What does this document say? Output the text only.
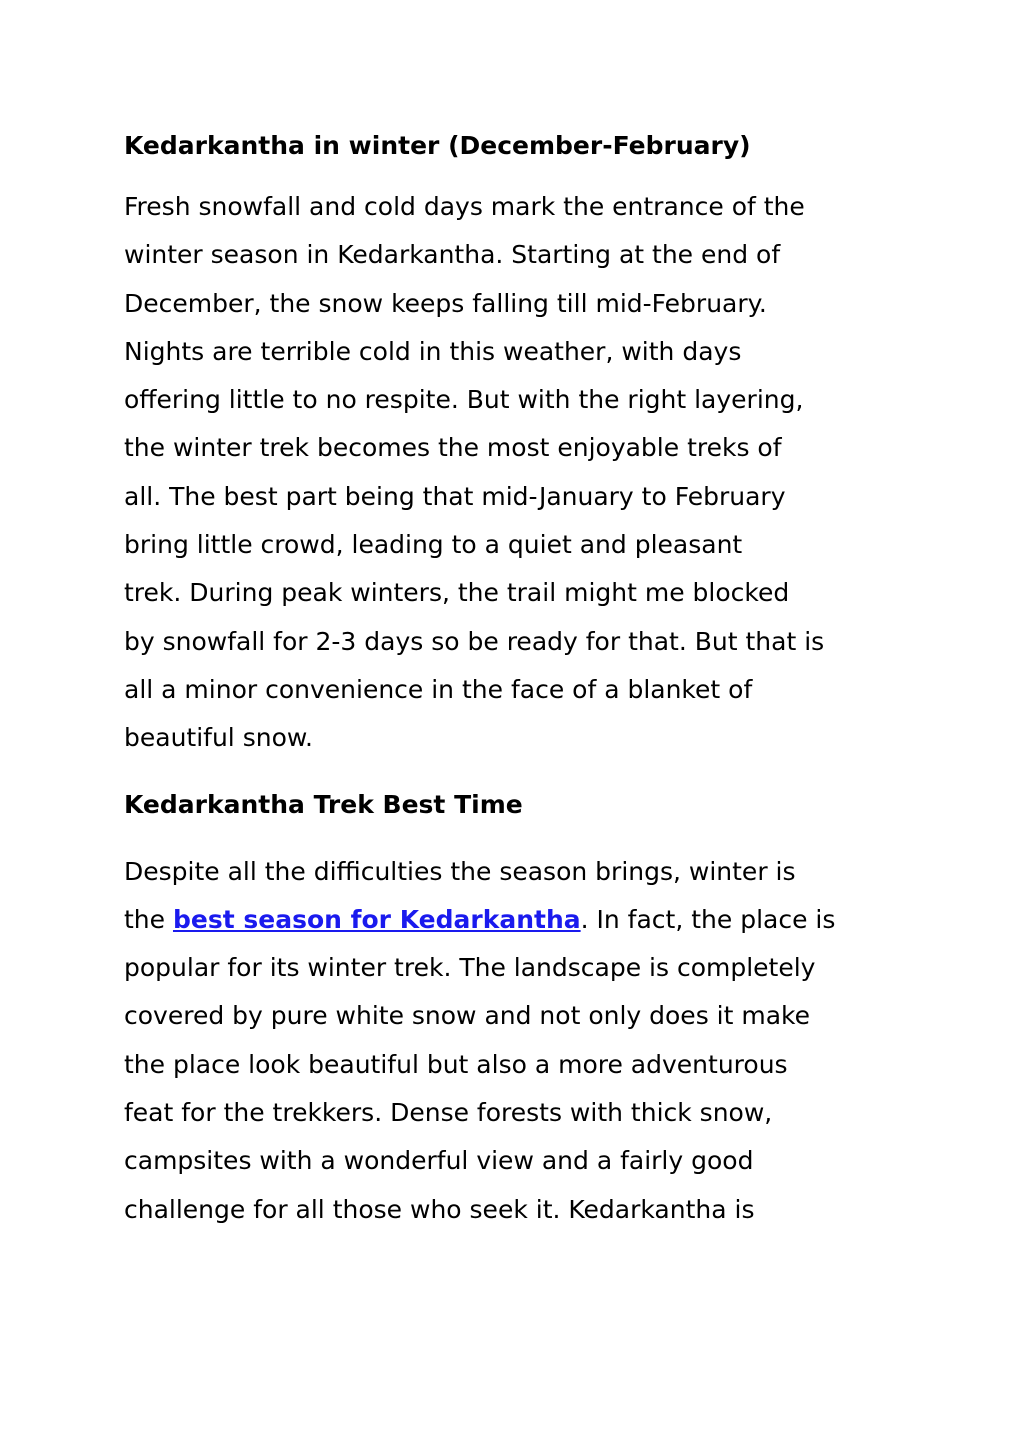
Kedarkantha in winter (December-February)

Fresh snowfall and cold days mark the entrance of the
winter season in Kedarkantha. Starting at the end of
December, the snow keeps falling till mid-February.
Nights are terrible cold in this weather, with days
offering little to no respite. But with the right layering,
the winter trek becomes the most enjoyable treks of
all. The best part being that mid-January to February
bring little crowd, leading to a quiet and pleasant
trek. During peak winters, the trail might me blocked
by snowfall for 2-3 days so be ready for that. But that is
all a minor convenience in the face of a blanket of
beautiful snow.

Kedarkantha Trek Best Time

Despite all the difficulties the season brings, winter is
the best season for Kedarkantha. In fact, the place is
popular for its winter trek. The landscape is completely
covered by pure white snow and not only does it make
the place look beautiful but also a more adventurous
feat for the trekkers. Dense forests with thick snow,
campsites with a wonderful view and a fairly good
challenge for all those who seek it. Kedarkantha is
